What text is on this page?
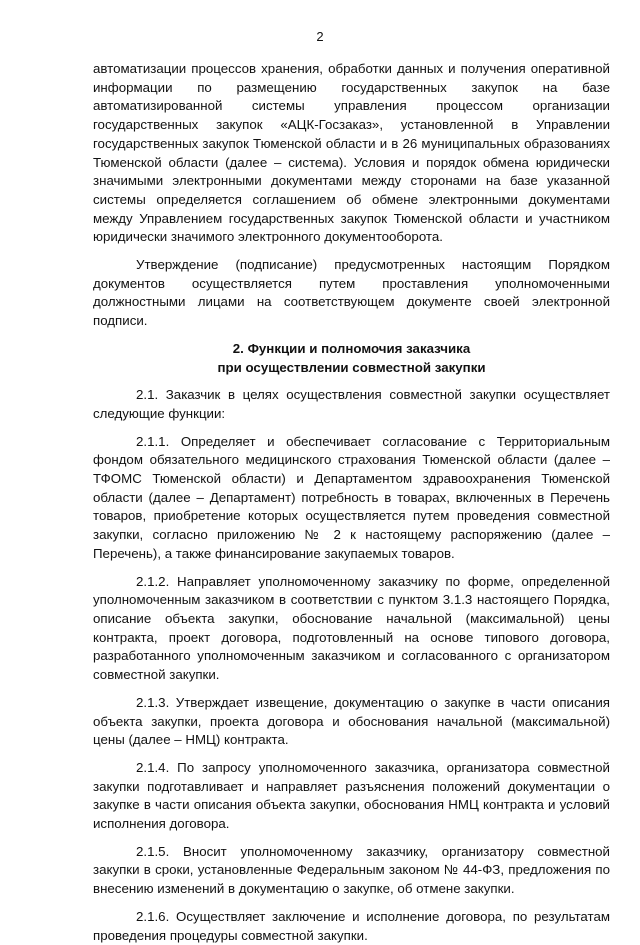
2

автоматизации процессов хранения, обработки данных и получения оперативной информации по размещению государственных закупок на базе автоматизированной системы управления процессом организации государственных закупок «АЦК-Госзаказ», установленной в Управлении государственных закупок Тюменской области и в 26 муниципальных образованиях Тюменской области (далее – система). Условия и порядок обмена юридически значимыми электронными документами между сторонами на базе указанной системы определяется соглашением об обмене электронными документами между Управлением государственных закупок Тюменской области и участником юридически значимого электронного документооборота.

Утверждение (подписание) предусмотренных настоящим Порядком документов осуществляется путем проставления уполномоченными должностными лицами на соответствующем документе своей электронной подписи.

2. Функции и полномочия заказчика
при осуществлении совместной закупки

2.1. Заказчик в целях осуществления совместной закупки осуществляет следующие функции:

2.1.1. Определяет и обеспечивает согласование с Территориальным фондом обязательного медицинского страхования Тюменской области (далее – ТФОМС Тюменской области) и Департаментом здравоохранения Тюменской области (далее – Департамент) потребность в товарах, включенных в Перечень товаров, приобретение которых осуществляется путем проведения совместной закупки, согласно приложению № 2 к настоящему распоряжению (далее – Перечень), а также финансирование закупаемых товаров.

2.1.2. Направляет уполномоченному заказчику по форме, определенной уполномоченным заказчиком в соответствии с пунктом 3.1.3 настоящего Порядка, описание объекта закупки, обоснование начальной (максимальной) цены контракта, проект договора, подготовленный на основе типового договора, разработанного уполномоченным заказчиком и согласованного с организатором совместной закупки.

2.1.3. Утверждает извещение, документацию о закупке в части описания объекта закупки, проекта договора и обоснования начальной (максимальной) цены (далее – НМЦ) контракта.

2.1.4. По запросу уполномоченного заказчика, организатора совместной закупки подготавливает и направляет разъяснения положений документации о закупке в части описания объекта закупки, обоснования НМЦ контракта и условий исполнения договора.

2.1.5. Вносит уполномоченному заказчику, организатору совместной закупки в сроки, установленные Федеральным законом № 44-ФЗ, предложения по внесению изменений в документацию о закупке, об отмене закупки.

2.1.6. Осуществляет заключение и исполнение договора, по результатам проведения процедуры совместной закупки.
